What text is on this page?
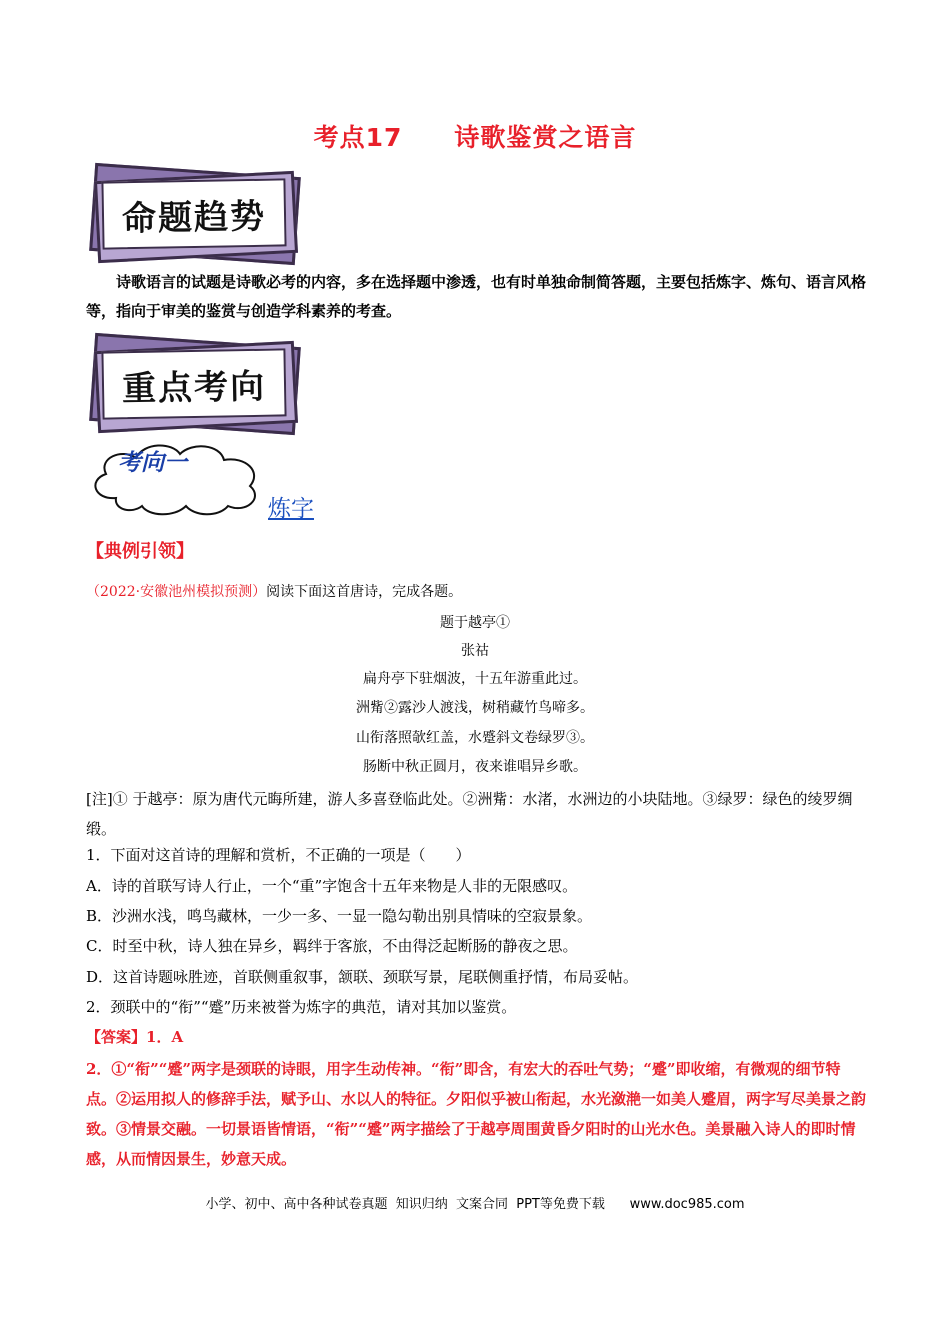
考点17　　诗歌鉴赏之语言
命题趋势
诗歌语言的试题是诗歌必考的内容，多在选择题中渗透，也有时单独命制简答题，主要包括炼字、炼句、语言风格等，指向于审美的鉴赏与创造学科素养的考查。
重点考向
考向一
炼字
【典例引领】
（2022·安徽池州模拟预测）阅读下面这首唐诗，完成各题。
题于越亭①
张祜
扁舟亭下驻烟波，十五年游重此过。
洲觜②露沙人渡浅，树稍藏竹鸟啼多。
山衔落照欹红盖，水蹙斜文卷绿罗③。
肠断中秋正圆月，夜来谁唱异乡歌。
[注]① 于越亭：原为唐代元晦所建，游人多喜登临此处。②洲觜：水渚，水洲边的小块陆地。③绿罗：绿色的绫罗绸缎。
1．下面对这首诗的理解和赏析，不正确的一项是（　　）
A．诗的首联写诗人行止，一个“重”字饱含十五年来物是人非的无限感叹。
B．沙洲水浅，鸣鸟藏林，一少一多、一显一隐勾勒出别具情味的空寂景象。
C．时至中秋，诗人独在异乡，羁绊于客旅，不由得泛起断肠的静夜之思。
D．这首诗题咏胜迹，首联侧重叙事，颔联、颈联写景，尾联侧重抒情，布局妥帖。
2．颈联中的“衔”“蹙”历来被誉为炼字的典范，请对其加以鉴赏。
【答案】1．A
2．①“衔”“蹙”两字是颈联的诗眼，用字生动传神。“衔”即含，有宏大的吞吐气势；“蹙”即收缩，有微观的细节特点。②运用拟人的修辞手法，赋予山、水以人的特征。夕阳似乎被山衔起，水光潋滟一如美人蹙眉，两字写尽美景之韵致。③情景交融。一切景语皆情语，“衔”“蹙”两字描绘了于越亭周围黄昏夕阳时的山光水色。美景融入诗人的即时情感，从而情因景生，妙意天成。
小学、初中、高中各种试卷真题  知识归纳  文案合同  PPT等免费下载      www.doc985.com
